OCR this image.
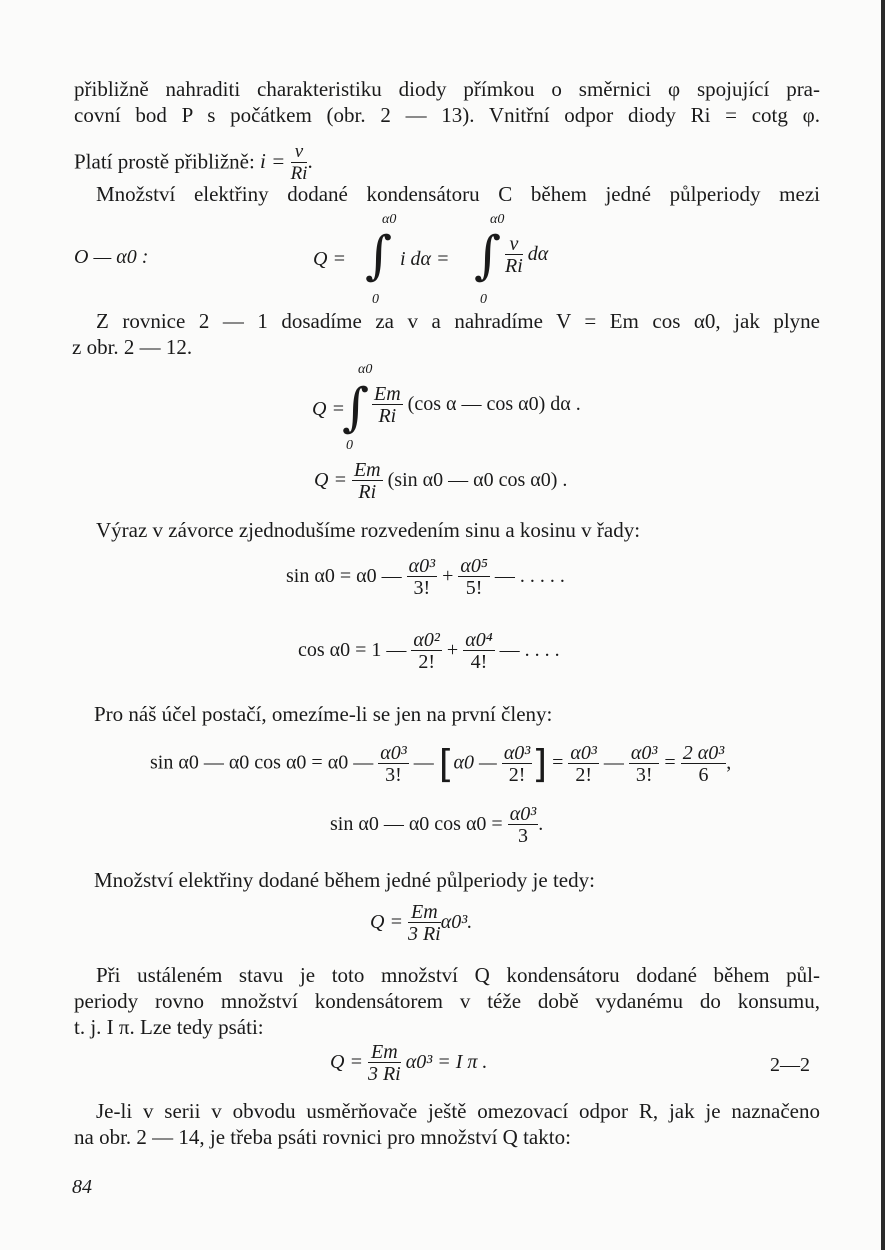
přibližně nahraditi charakteristiku diody přímkou o směrnici φ spojující pra-
covní bod P s počátkem (obr. 2 — 13). Vnitřní odpor diody Ri = cotg φ.
Platí prostě přibližně: $i = \frac{v}{Ri}$ .
Množství elektřiny dodané kondensátoru C během jedné půlperiody mezi
O — α0 :	Q =
α0
∫
0
i dα =
α0
∫
0
$\frac{v}{Ri}$ dα
Z rovnice 2 — 1 dosadíme za v a nahradíme V = Em cos α0, jak plyne
z obr. 2 — 12.
Q =
α0
∫
0
$\frac{Em}{Ri} (\cos$ α — cos α0) dα .
$Q = \frac{Em}{Ri} (\sin$ α0 — α0 cos α0) .
Výraz v závorce zjednodušíme rozvedením sinu a kosinu v řady:
sin α0 = α0 — $\frac{\text{α0³}}{3!} + \frac{\text{α0⁵}}{5!}$ — . . . . .
cos α0 = 1 — $\frac{\text{α0²}}{2!} + \frac{\text{α0⁴}}{4!}$ — . . . .
Pro náš účel postačí, omezíme-li se jen na první členy:
sin α0 — α0 cos α0 = α0 — $\frac{\text{α0³}}{3!}$ — [α0 — $\frac{\text{α0³}}{2!}$ ] = $\frac{\text{α0³}}{2!}$ — $\frac{\text{α0³}}{3!} = \frac{\text{2 α0³}}{6}$ ,
sin α0 — α0 $\cos \alpha 0 = \frac{\text{α0³}}{3}$ .
Množství elektřiny dodané během jedné půlperiody je tedy:
$Q = \frac{Em}{3 Ri} \alpha 0^3$.
Při ustáleném stavu je toto množství Q kondensátoru dodané během půl-
periody rovno množství kondensátorem v téže době vydanému do konsumu,
t. j. I π. Lze tedy psáti:
$Q = \frac{Em}{3 Ri} \alpha 0^3 = I$ π .	2—2
Je-li v serii v obvodu usměrňovače ještě omezovací odpor R, jak je naznačeno
na obr. 2 — 14, je třeba psáti rovnici pro množství Q takto:
84
